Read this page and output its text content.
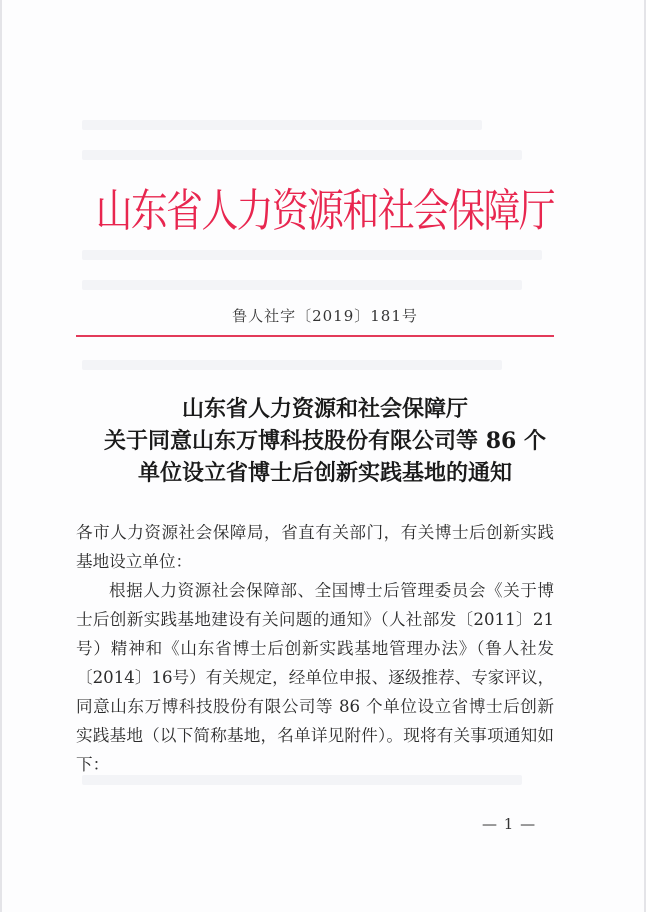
山东省人力资源和社会保障厅
鲁人社字〔2019〕181号
山东省人力资源和社会保障厅
关于同意山东万博科技股份有限公司等 86 个
单位设立省博士后创新实践基地的通知
各市人力资源社会保障局，省直有关部门，有关博士后创新实践
基地设立单位：
根据人力资源社会保障部、全国博士后管理委员会《关于博
士后创新实践基地建设有关问题的通知》（人社部发〔2011〕21
号）精神和《山东省博士后创新实践基地管理办法》（鲁人社发
〔2014〕16号）有关规定，经单位申报、逐级推荐、专家评议，
同意山东万博科技股份有限公司等 86 个单位设立省博士后创新
实践基地（以下简称基地，名单详见附件）。现将有关事项通知如
下：
— 1 —
